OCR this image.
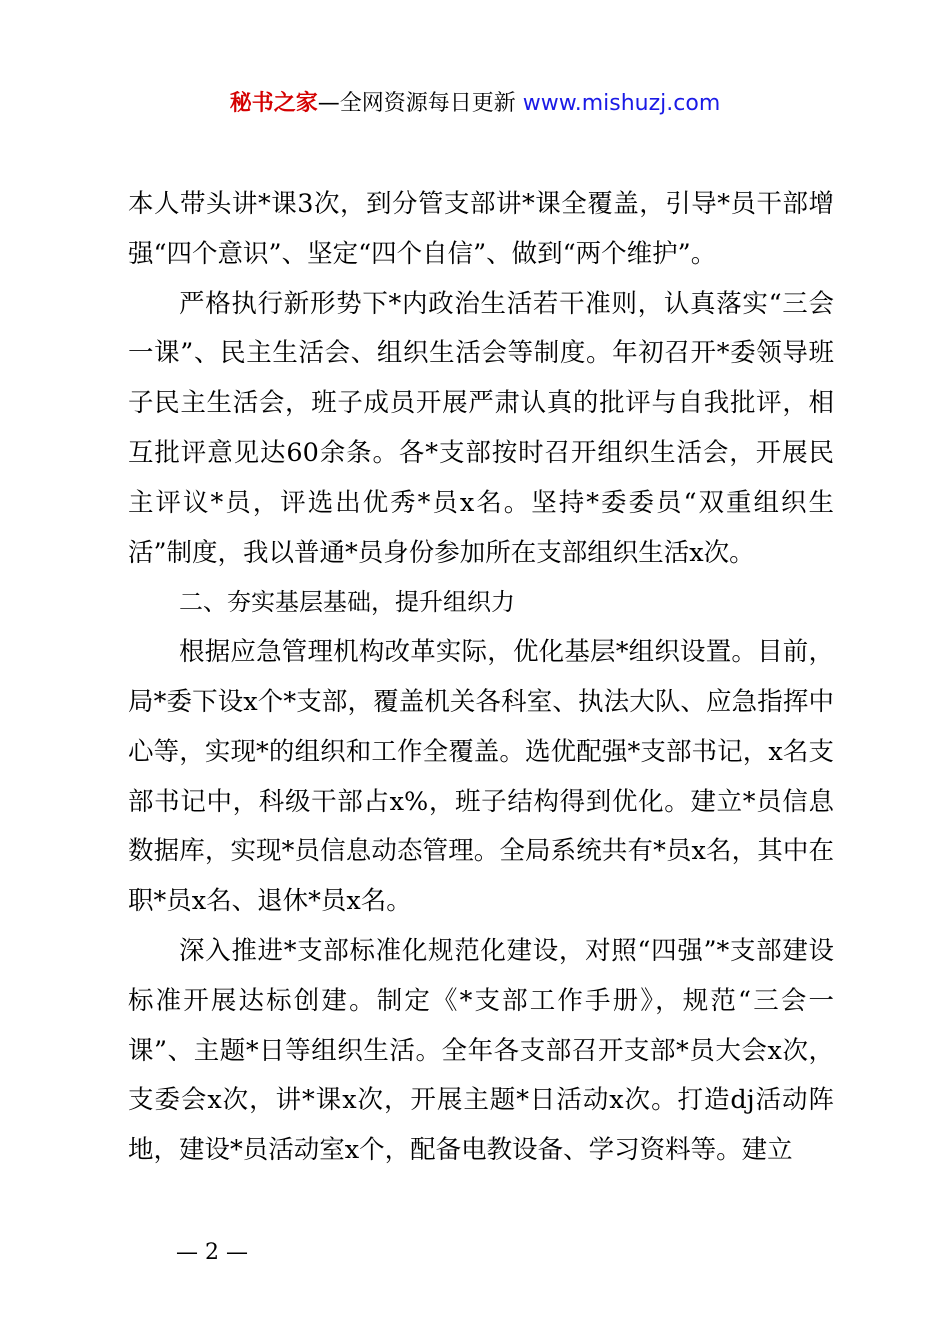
秘书之家—全网资源每日更新 www.mishuzj.com

本人带头讲*课3次，到分管支部讲*课全覆盖，引导*员干部增强“四个意识”、坚定“四个自信”、做到“两个维护”。

严格执行新形势下*内政治生活若干准则，认真落实“三会一课”、民主生活会、组织生活会等制度。年初召开*委领导班子民主生活会，班子成员开展严肃认真的批评与自我批评，相互批评意见达60余条。各*支部按时召开组织生活会，开展民主评议*员，评选出优秀*员x名。坚持*委委员“双重组织生活”制度，我以普通*员身份参加所在支部组织生活x次。

二、夯实基层基础，提升组织力

根据应急管理机构改革实际，优化基层*组织设置。目前，局*委下设x个*支部，覆盖机关各科室、执法大队、应急指挥中心等，实现*的组织和工作全覆盖。选优配强*支部书记，x名支部书记中，科级干部占x%，班子结构得到优化。建立*员信息数据库，实现*员信息动态管理。全局系统共有*员x名，其中在职*员x名、退休*员x名。

深入推进*支部标准化规范化建设，对照“四强”*支部建设标准开展达标创建。制定《*支部工作手册》，规范“三会一课”、主题*日等组织生活。全年各支部召开支部*员大会x次，支委会x次，讲*课x次，开展主题*日活动x次。打造dj活动阵地，建设*员活动室x个，配备电教设备、学习资料等。建立

— 2 —
